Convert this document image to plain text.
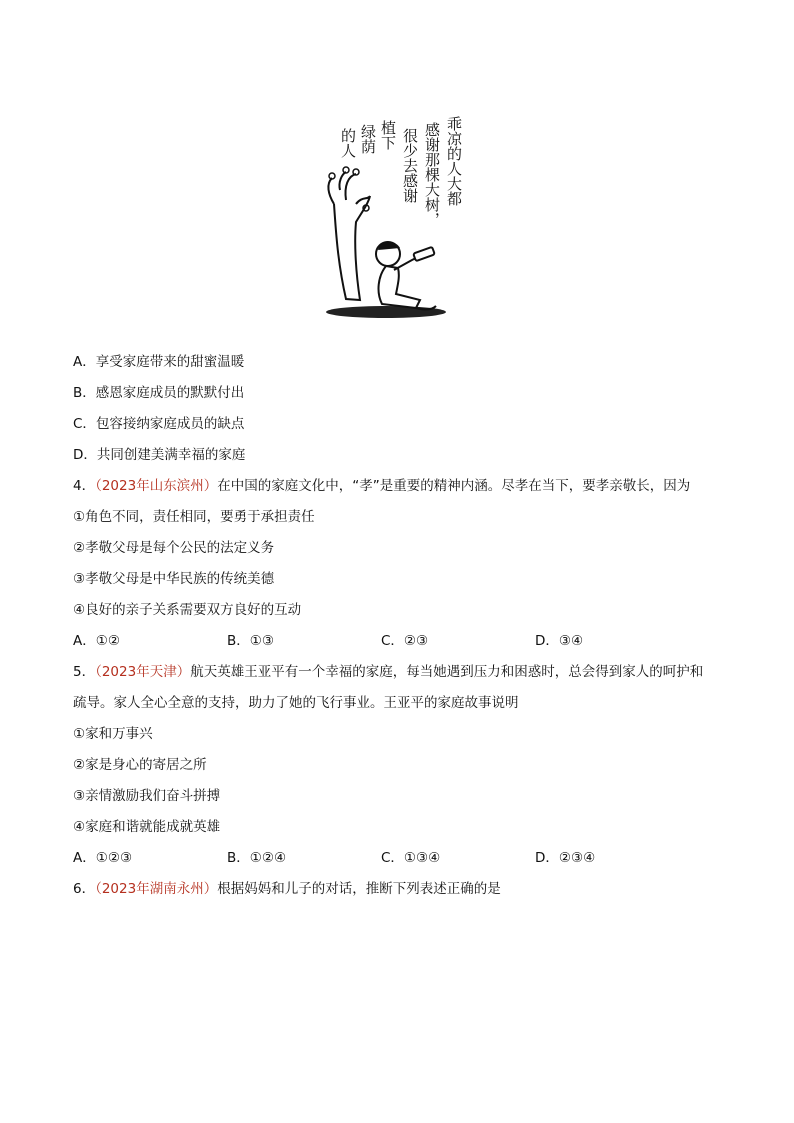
乖凉的人大都
感谢那棵大树，
很少去感谢
植下
绿荫
的人
A．享受家庭带来的甜蜜温暖
B．感恩家庭成员的默默付出
C．包容接纳家庭成员的缺点
D．共同创建美满幸福的家庭
4．（2023年山东滨州）在中国的家庭文化中，“孝”是重要的精神内涵。尽孝在当下，要孝亲敬长，因为
①角色不同，责任相同，要勇于承担责任
②孝敬父母是每个公民的法定义务
③孝敬父母是中华民族的传统美德
④良好的亲子关系需要双方良好的互动
A．①②	B．①③	C．②③	D．③④
5．（2023年天津）航天英雄王亚平有一个幸福的家庭，每当她遇到压力和困惑时，总会得到家人的呵护和
疏导。家人全心全意的支持，助力了她的飞行事业。王亚平的家庭故事说明
①家和万事兴
②家是身心的寄居之所
③亲情激励我们奋斗拼搏
④家庭和谐就能成就英雄
A．①②③	B．①②④	C．①③④	D．②③④
6．（2023年湖南永州）根据妈妈和儿子的对话，推断下列表述正确的是
